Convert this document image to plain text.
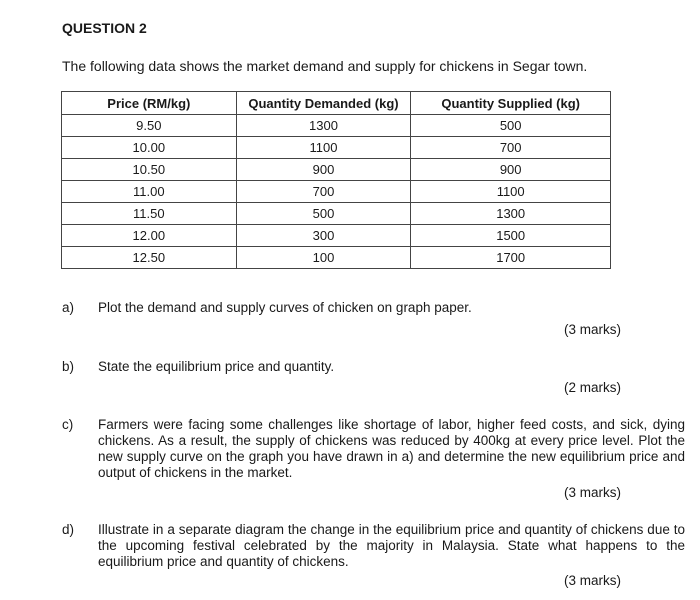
QUESTION 2
The following data shows the market demand and supply for chickens in Segar town.
Price (RM/kg)	Quantity Demanded (kg)	Quantity Supplied (kg)
9.50	1300	500
10.00	1100	700
10.50	900	900
11.00	700	1100
11.50	500	1300
12.00	300	1500
12.50	100	1700
a) Plot the demand and supply curves of chicken on graph paper.
(3 marks)
b) State the equilibrium price and quantity.
(2 marks)
c) Farmers were facing some challenges like shortage of labor, higher feed costs, and sick, dying chickens. As a result, the supply of chickens was reduced by 400kg at every price level. Plot the new supply curve on the graph you have drawn in a) and determine the new equilibrium price and output of chickens in the market.
(3 marks)
d) Illustrate in a separate diagram the change in the equilibrium price and quantity of chickens due to the upcoming festival celebrated by the majority in Malaysia. State what happens to the equilibrium price and quantity of chickens.
(3 marks)
